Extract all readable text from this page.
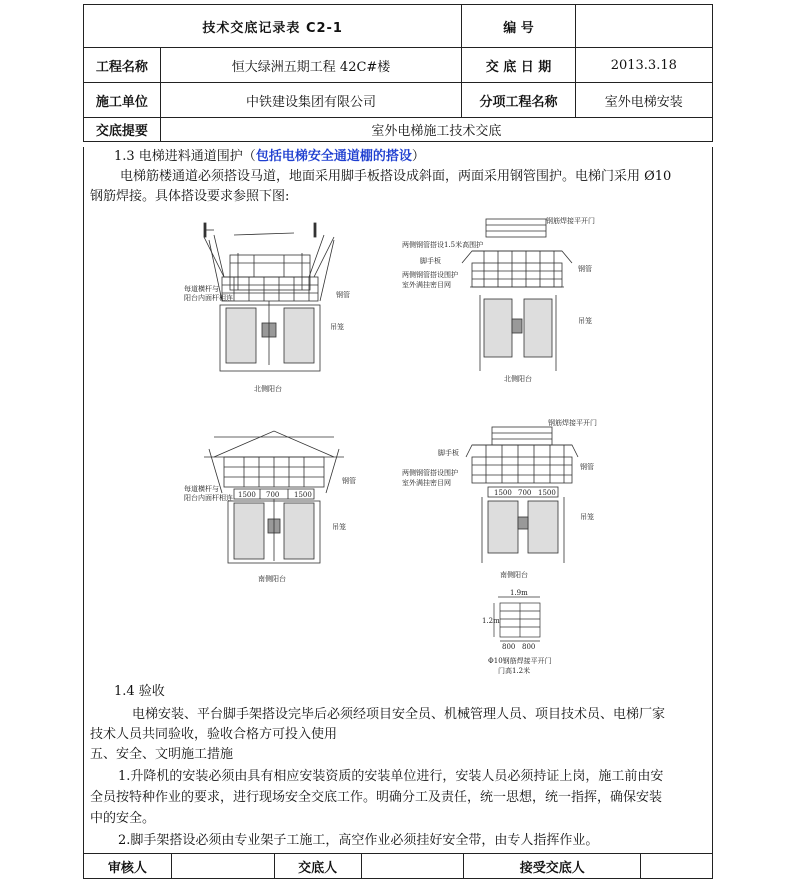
技术交底记录表 C2-1		编 号	
工程名称	恒大绿洲五期工程 42C#楼	交 底 日 期	2013.3.18
施工单位	中铁建设集团有限公司	分项工程名称	室外电梯安装
交底提要	室外电梯施工技术交底		
1.3 电梯进料通道围护（包括电梯安全通道棚的搭设）
电梯筋楼通道必须搭设马道，地面采用脚手板搭设成斜面，两面采用钢管围护。电梯门采用 Ø10
钢筋焊接。具体搭设要求参照下图:
每道横杆与
阳台内面杆相连	钢管
吊笼
北侧阳台
钢筋焊接平开门
两侧钢管搭设1.5米高围护
脚手板
两侧钢管搭设围护
室外满挂密目网
钢管
吊笼
北侧阳台
1500 700 1500
每道横杆与
阳台内面杆相连
钢管
吊笼
南侧阳台
1500 700 1500
钢筋焊接平开门
脚手板
两侧钢管搭设围护
室外满挂密目网
钢管
吊笼
南侧阳台
1.9m
1.2m
800 800
Φ10钢筋焊接平开门
门高1.2米
1.4 验收
电梯安装、平台脚手架搭设完毕后必须经项目安全员、机械管理人员、项目技术员、电梯厂家
技术人员共同验收，验收合格方可投入使用
五、安全、文明施工措施
1.升降机的安装必须由具有相应安装资质的安装单位进行，安装人员必须持证上岗，施工前由安
全员按特种作业的要求，进行现场安全交底工作。明确分工及责任，统一思想，统一指挥，确保安装
中的安全。
2.脚手架搭设必须由专业架子工施工，高空作业必须挂好安全带，由专人指挥作业。
审核人		交底人		接受交底人	
